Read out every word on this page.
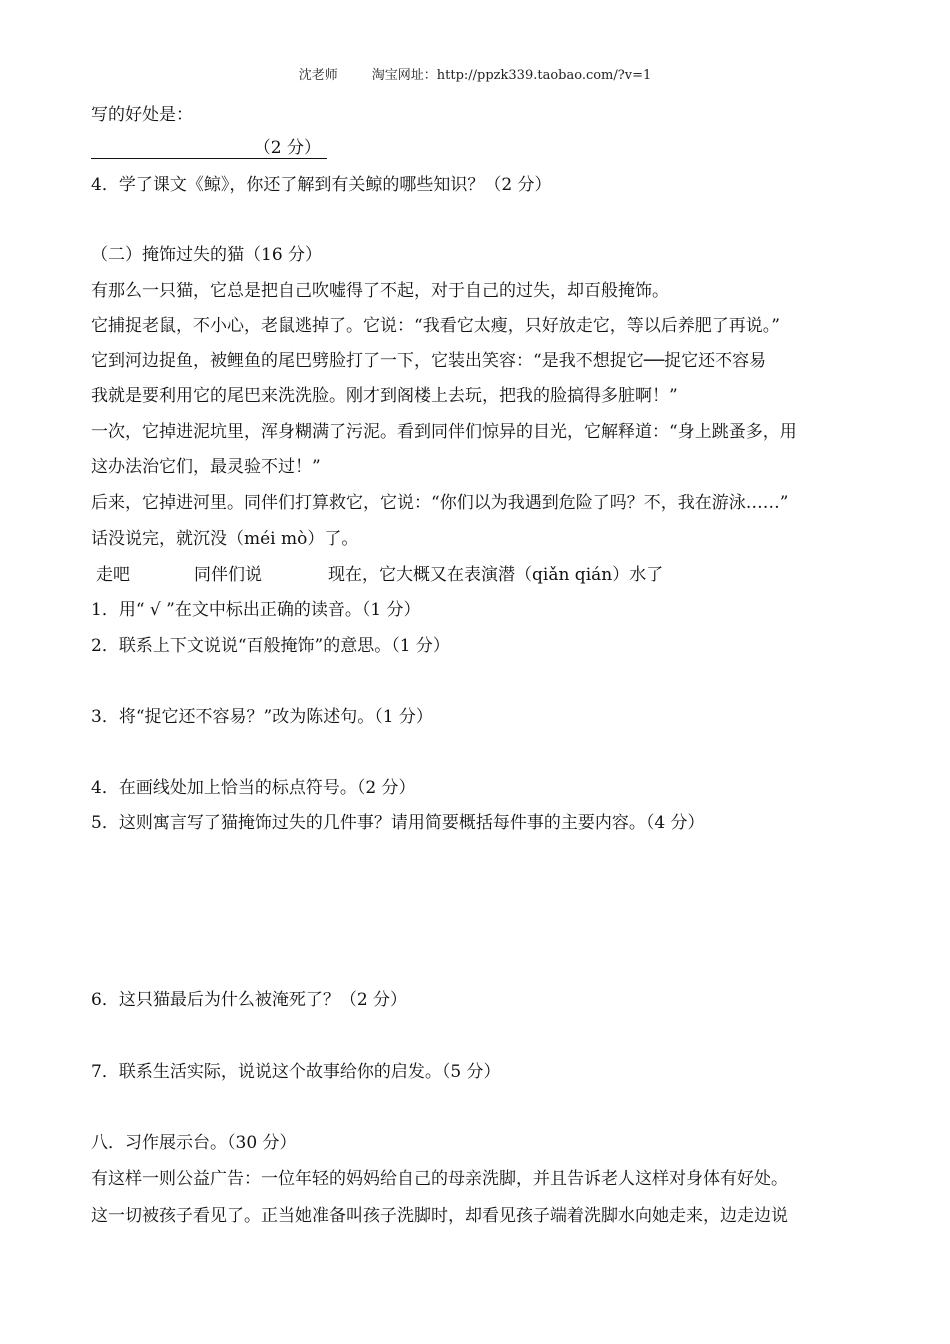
沈老师	淘宝网址：http://ppzk339.taobao.com/?v=1
写的好处是：
（2 分）
4．学了课文《鲸》，你还了解到有关鲸的哪些知识？（2 分）
（二）掩饰过失的猫（16 分）
有那么一只猫，它总是把自己吹嘘得了不起，对于自己的过失，却百般掩饰。
它捕捉老鼠，不小心，老鼠逃掉了。它说：“我看它太瘦，只好放走它，等以后养肥了再说。”
它到河边捉鱼，被鲤鱼的尾巴劈脸打了一下，它装出笑容：“是我不想捉它──捉它还不容易
我就是要利用它的尾巴来洗洗脸。刚才到阁楼上去玩，把我的脸搞得多脏啊！”
一次，它掉进泥坑里，浑身糊满了污泥。看到同伴们惊异的目光，它解释道：“身上跳蚤多，用
这办法治它们，最灵验不过！”
后来，它掉进河里。同伴们打算救它，它说：“你们以为我遇到危险了吗？不，我在游泳……”
话没说完，就沉没（méi mò）了。
走吧	同伴们说	现在，它大概又在表演潜（qiǎn qián）水了
1．用“ √ ”在文中标出正确的读音。（1 分）
2．联系上下文说说“百般掩饰”的意思。（1 分）
3．将“捉它还不容易？”改为陈述句。（1 分）
4．在画线处加上恰当的标点符号。（2 分）
5．这则寓言写了猫掩饰过失的几件事？请用简要概括每件事的主要内容。（4 分）
6．这只猫最后为什么被淹死了？（2 分）
7．联系生活实际，说说这个故事给你的启发。（5 分）
八．习作展示台。（30 分）
有这样一则公益广告：一位年轻的妈妈给自己的母亲洗脚，并且告诉老人这样对身体有好处。
这一切被孩子看见了。正当她准备叫孩子洗脚时，却看见孩子端着洗脚水向她走来，边走边说
